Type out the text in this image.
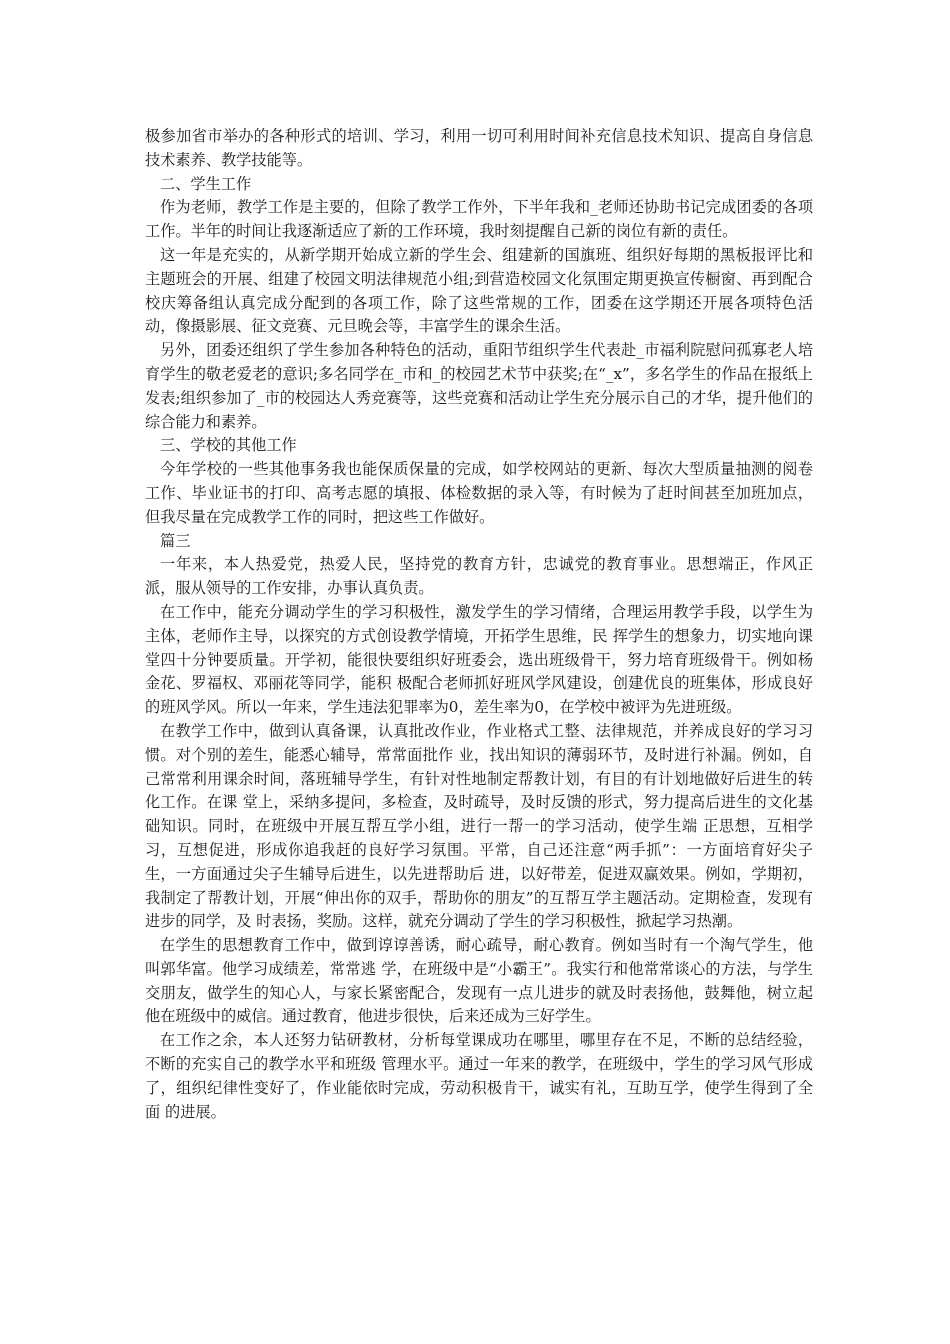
极参加省市举办的各种形式的培训、学习，利用一切可利用时间补充信息技术知识、提高自身信息技术素养、教学技能等。

二、学生工作

作为老师，教学工作是主要的，但除了教学工作外，下半年我和_老师还协助书记完成团委的各项工作。半年的时间让我逐渐适应了新的工作环境，我时刻提醒自己新的岗位有新的责任。

这一年是充实的，从新学期开始成立新的学生会、组建新的国旗班、组织好每期的黑板报评比和主题班会的开展、组建了校园文明法律规范小组;到营造校园文化氛围定期更换宣传橱窗、再到配合校庆筹备组认真完成分配到的各项工作，除了这些常规的工作，团委在这学期还开展各项特色活动，像摄影展、征文竞赛、元旦晚会等，丰富学生的课余生活。

另外，团委还组织了学生参加各种特色的活动，重阳节组织学生代表赴_市福利院慰问孤寡老人培育学生的敬老爱老的意识;多名同学在_市和_的校园艺术节中获奖;在“_x”，多名学生的作品在报纸上发表;组织参加了_市的校园达人秀竞赛等，这些竞赛和活动让学生充分展示自己的才华，提升他们的综合能力和素养。

三、学校的其他工作

今年学校的一些其他事务我也能保质保量的完成，如学校网站的更新、每次大型质量抽测的阅卷工作、毕业证书的打印、高考志愿的填报、体检数据的录入等，有时候为了赶时间甚至加班加点，但我尽量在完成教学工作的同时，把这些工作做好。

篇三

一年来，本人热爱党，热爱人民，坚持党的教育方针，忠诚党的教育事业。思想端正，作风正派，服从领导的工作安排，办事认真负责。

在工作中，能充分调动学生的学习积极性，激发学生的学习情绪，合理运用教学手段，以学生为主体，老师作主导，以探究的方式创设教学情境，开拓学生思维，民 挥学生的想象力，切实地向课堂四十分钟要质量。开学初，能很快要组织好班委会，选出班级骨干，努力培育班级骨干。例如杨金花、罗福权、邓丽花等同学，能积 极配合老师抓好班风学风建设，创建优良的班集体，形成良好的班风学风。所以一年来，学生违法犯罪率为0，差生率为0，在学校中被评为先进班级。

在教学工作中，做到认真备课，认真批改作业，作业格式工整、法律规范，并养成良好的学习习惯。对个别的差生，能悉心辅导，常常面批作 业，找出知识的薄弱环节，及时进行补漏。例如，自己常常利用课余时间，落班辅导学生，有针对性地制定帮教计划，有目的有计划地做好后进生的转化工作。在课 堂上，采纳多提问，多检查，及时疏导，及时反馈的形式，努力提高后进生的文化基础知识。同时，在班级中开展互帮互学小组，进行一帮一的学习活动，使学生端 正思想，互相学习，互想促进，形成你追我赶的良好学习氛围。平常，自己还注意“两手抓”：一方面培育好尖子生，一方面通过尖子生辅导后进生，以先进帮助后 进，以好带差，促进双赢效果。例如，学期初，我制定了帮教计划，开展“伸出你的双手，帮助你的朋友”的互帮互学主题活动。定期检查，发现有进步的同学，及 时表扬，奖励。这样，就充分调动了学生的学习积极性，掀起学习热潮。

在学生的思想教育工作中，做到谆谆善诱，耐心疏导，耐心教育。例如当时有一个淘气学生，他叫郭华富。他学习成绩差，常常逃 学，在班级中是“小霸王”。我实行和他常常谈心的方法，与学生交朋友，做学生的知心人，与家长紧密配合，发现有一点儿进步的就及时表扬他，鼓舞他，树立起 他在班级中的威信。通过教育，他进步很快，后来还成为三好学生。

在工作之余，本人还努力钻研教材，分析每堂课成功在哪里，哪里存在不足，不断的总结经验，不断的充实自己的教学水平和班级 管理水平。通过一年来的教学，在班级中，学生的学习风气形成了，组织纪律性变好了，作业能依时完成，劳动积极肯干，诚实有礼，互助互学，使学生得到了全面 的进展。
